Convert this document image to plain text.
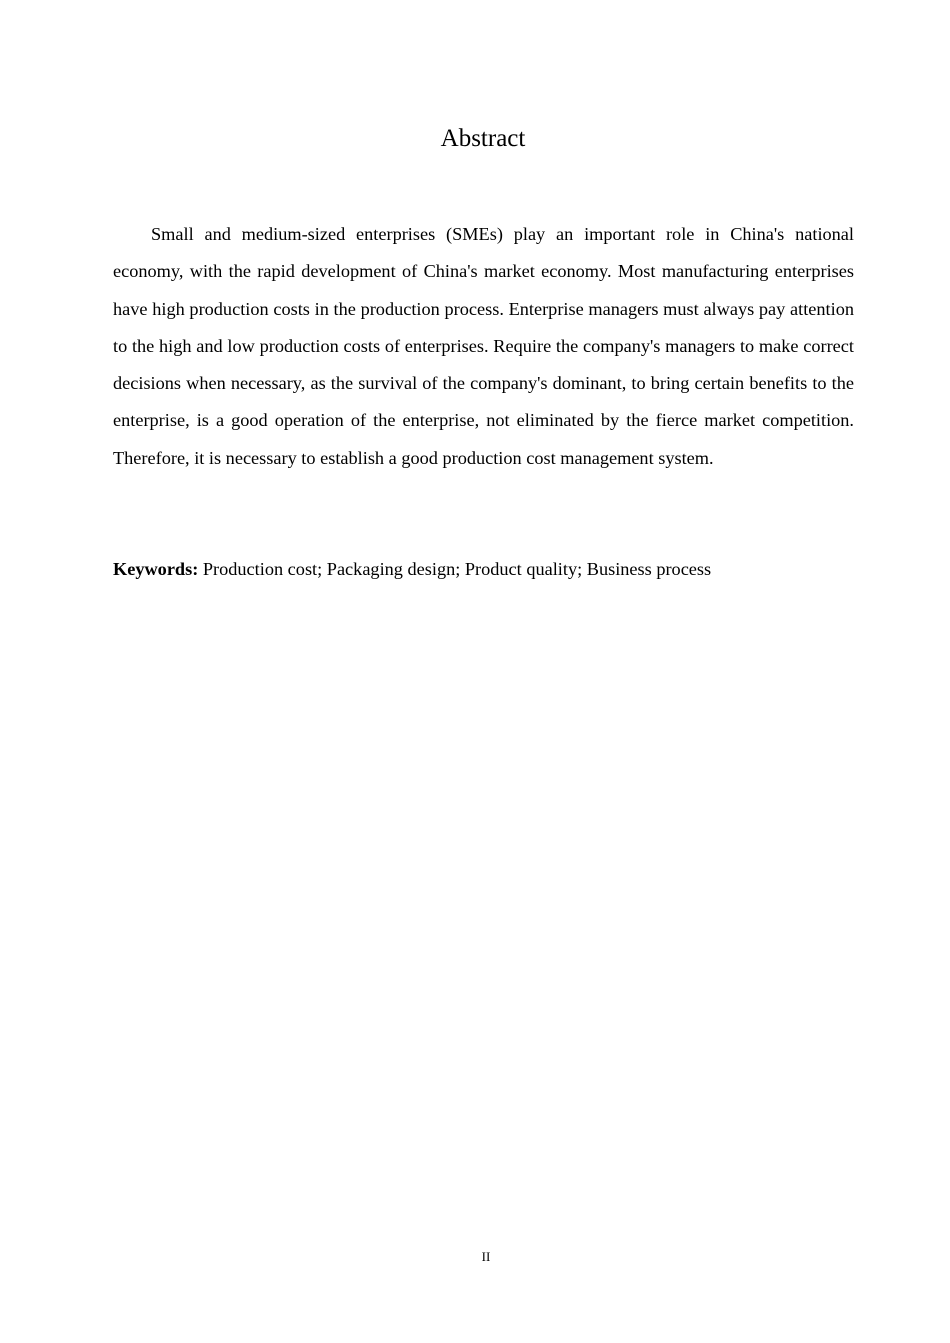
Abstract

Small and medium-sized enterprises (SMEs) play an important role in China's national economy, with the rapid development of China's market economy. Most manufacturing enterprises have high production costs in the production process. Enterprise managers must always pay attention to the high and low production costs of enterprises. Require the company's managers to make correct decisions when necessary, as the survival of the company's dominant, to bring certain benefits to the enterprise, is a good operation of the enterprise, not eliminated by the fierce market competition. Therefore, it is necessary to establish a good production cost management system.

Keywords: Production cost; Packaging design; Product quality; Business process

II
